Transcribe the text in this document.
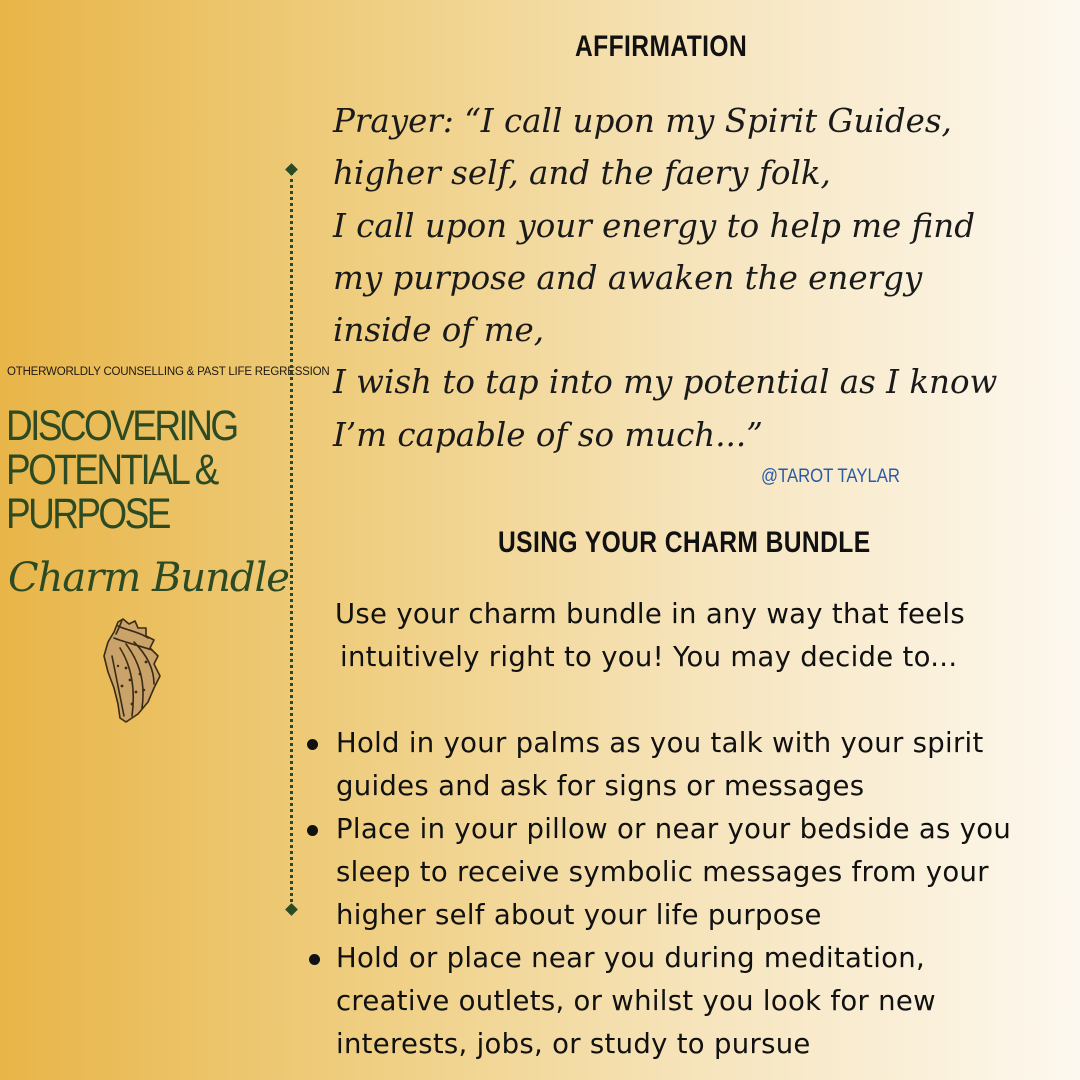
OTHERWORLDLY COUNSELLING & PAST LIFE REGRESSION

DISCOVERING
POTENTIAL &
PURPOSE

Charm Bundle

AFFIRMATION

Prayer: “I call upon my Spirit Guides,
higher self, and the faery folk,
I call upon your energy to help me find
my purpose and awaken the energy
inside of me,
I wish to tap into my potential as I know
I’m capable of so much...”

@TAROT TAYLAR

USING YOUR CHARM BUNDLE

Use your charm bundle in any way that feels
intuitively right to you! You may decide to...

Hold in your palms as you talk with your spirit
guides and ask for signs or messages
Place in your pillow or near your bedside as you
sleep to receive symbolic messages from your
higher self about your life purpose
Hold or place near you during meditation,
creative outlets, or whilst you look for new
interests, jobs, or study to pursue
